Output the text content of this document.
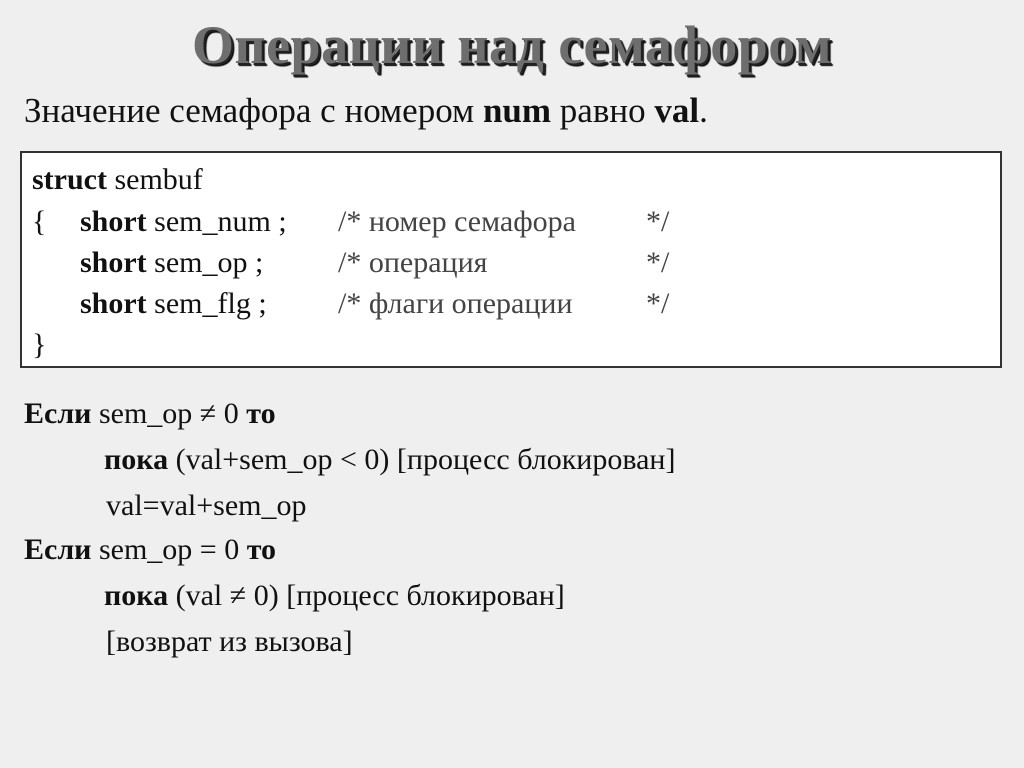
Операции над семафором
Значение семафора с номером num равно val.
struct sembuf
{ short sem_num ; /* номер семафора */
short sem_op ; /* операция	*/
short sem_flg ; /* флаги операции */
}
Если sem_op ≠ 0 то
пока (val+sem_op < 0) [процесс блокирован]
val=val+sem_op
Если sem_op = 0 то
пока (val ≠ 0) [процесс блокирован]
[возврат из вызова]
